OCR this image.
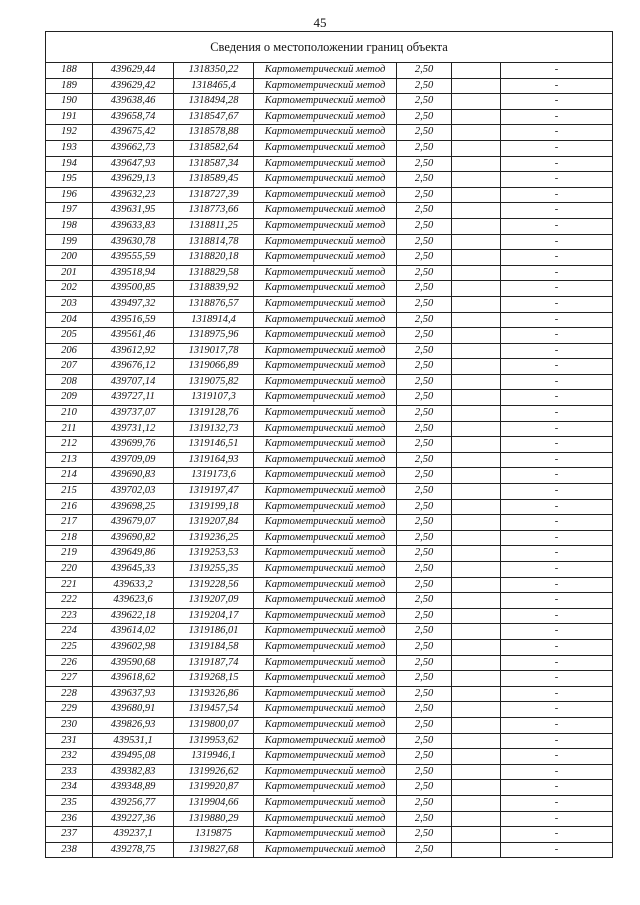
45
Сведения о местоположении границ объекта						
188	439629,44	1318350,22	Картометрический метод	2,50		-
189	439629,42	1318465,4	Картометрический метод	2,50		-
190	439638,46	1318494,28	Картометрический метод	2,50		-
191	439658,74	1318547,67	Картометрический метод	2,50		-
192	439675,42	1318578,88	Картометрический метод	2,50		-
193	439662,73	1318582,64	Картометрический метод	2,50		-
194	439647,93	1318587,34	Картометрический метод	2,50		-
195	439629,13	1318589,45	Картометрический метод	2,50		-
196	439632,23	1318727,39	Картометрический метод	2,50		-
197	439631,95	1318773,66	Картометрический метод	2,50		-
198	439633,83	1318811,25	Картометрический метод	2,50		-
199	439630,78	1318814,78	Картометрический метод	2,50		-
200	439555,59	1318820,18	Картометрический метод	2,50		-
201	439518,94	1318829,58	Картометрический метод	2,50		-
202	439500,85	1318839,92	Картометрический метод	2,50		-
203	439497,32	1318876,57	Картометрический метод	2,50		-
204	439516,59	1318914,4	Картометрический метод	2,50		-
205	439561,46	1318975,96	Картометрический метод	2,50		-
206	439612,92	1319017,78	Картометрический метод	2,50		-
207	439676,12	1319066,89	Картометрический метод	2,50		-
208	439707,14	1319075,82	Картометрический метод	2,50		-
209	439727,11	1319107,3	Картометрический метод	2,50		-
210	439737,07	1319128,76	Картометрический метод	2,50		-
211	439731,12	1319132,73	Картометрический метод	2,50		-
212	439699,76	1319146,51	Картометрический метод	2,50		-
213	439709,09	1319164,93	Картометрический метод	2,50		-
214	439690,83	1319173,6	Картометрический метод	2,50		-
215	439702,03	1319197,47	Картометрический метод	2,50		-
216	439698,25	1319199,18	Картометрический метод	2,50		-
217	439679,07	1319207,84	Картометрический метод	2,50		-
218	439690,82	1319236,25	Картометрический метод	2,50		-
219	439649,86	1319253,53	Картометрический метод	2,50		-
220	439645,33	1319255,35	Картометрический метод	2,50		-
221	439633,2	1319228,56	Картометрический метод	2,50		-
222	439623,6	1319207,09	Картометрический метод	2,50		-
223	439622,18	1319204,17	Картометрический метод	2,50		-
224	439614,02	1319186,01	Картометрический метод	2,50		-
225	439602,98	1319184,58	Картометрический метод	2,50		-
226	439590,68	1319187,74	Картометрический метод	2,50		-
227	439618,62	1319268,15	Картометрический метод	2,50		-
228	439637,93	1319326,86	Картометрический метод	2,50		-
229	439680,91	1319457,54	Картометрический метод	2,50		-
230	439826,93	1319800,07	Картометрический метод	2,50		-
231	439531,1	1319953,62	Картометрический метод	2,50		-
232	439495,08	1319946,1	Картометрический метод	2,50		-
233	439382,83	1319926,62	Картометрический метод	2,50		-
234	439348,89	1319920,87	Картометрический метод	2,50		-
235	439256,77	1319904,66	Картометрический метод	2,50		-
236	439227,36	1319880,29	Картометрический метод	2,50		-
237	439237,1	1319875	Картометрический метод	2,50		-
238	439278,75	1319827,68	Картометрический метод	2,50		-
